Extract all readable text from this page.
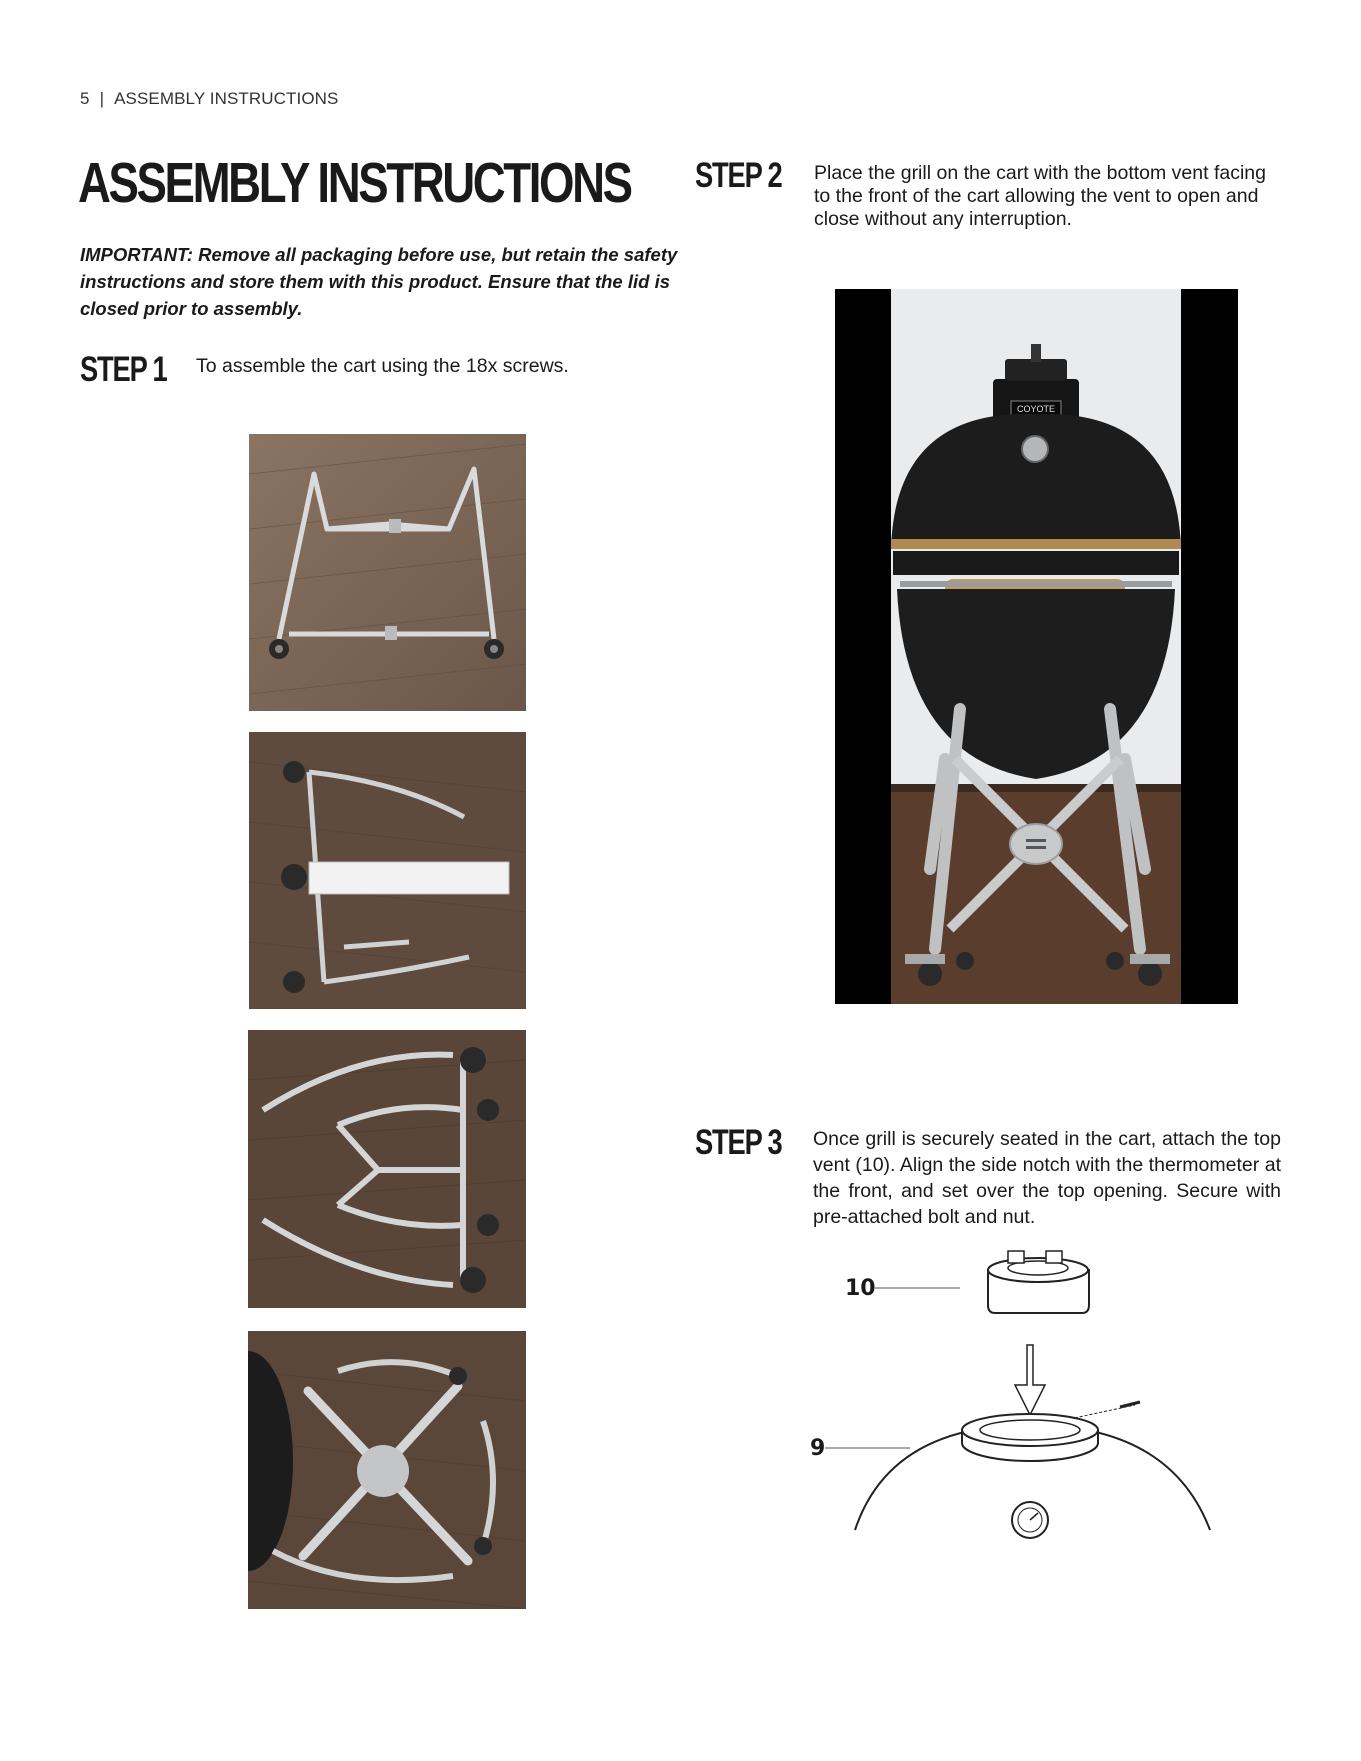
5 | ASSEMBLY INSTRUCTIONS
ASSEMBLY INSTRUCTIONS
IMPORTANT: Remove all packaging before use, but retain the safety instructions and store them with this product. Ensure that the lid is closed prior to assembly.
STEP 1 To assemble the cart using the 18x screws.
STEP 2 Place the grill on the cart with the bottom vent facing to the front of the cart allowing the vent to open and close without any interruption.
COYOTE
STEP 3 Once grill is securely seated in the cart, attach the top vent (10). Align the side notch with the thermometer at the front, and set over the top opening. Secure with pre-attached bolt and nut.
10
9
